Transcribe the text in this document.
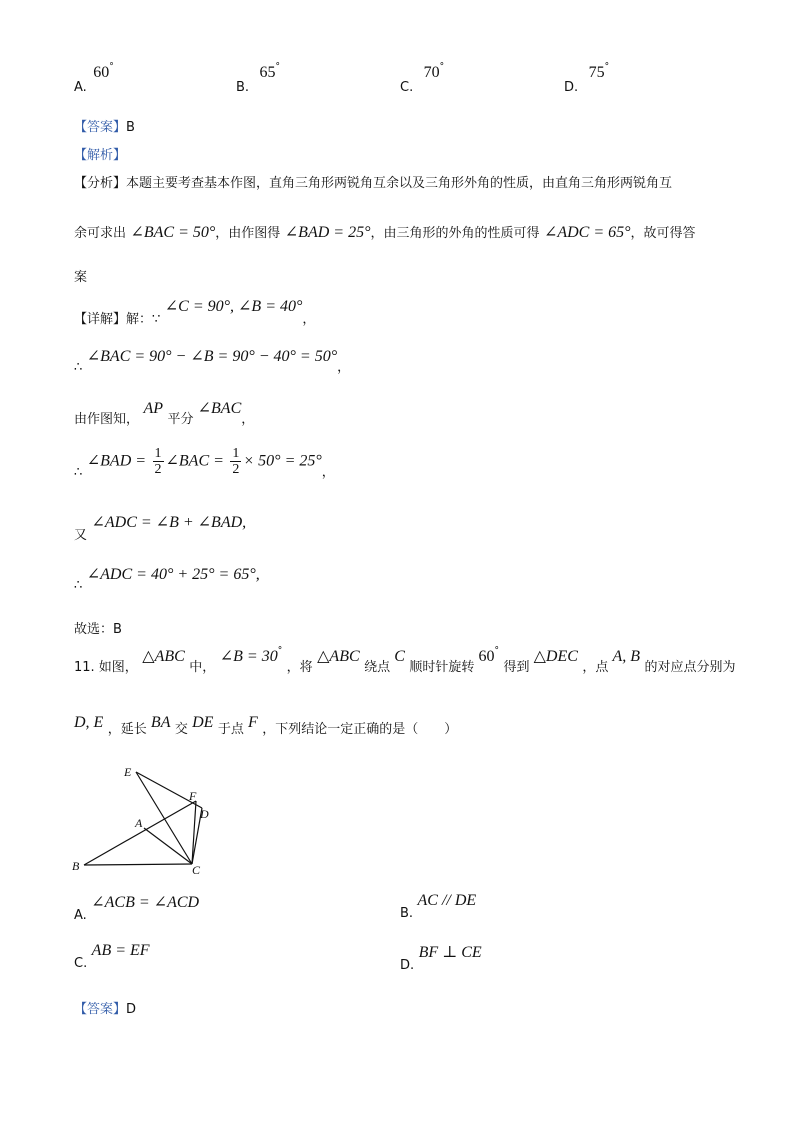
A. 60°
B. 65°
C. 70°
D. 75°
【答案】B
【解析】
【分析】本题主要考查基本作图，直角三角形两锐角互余以及三角形外角的性质，由直角三角形两锐角互
余可求出 ∠BAC = 50°，由作图得 ∠BAD = 25°，由三角形的外角的性质可得 ∠ADC = 65°，故可得答
案
【详解】解：∵ ∠C = 90°, ∠B = 40°，
∴ ∠BAC = 90° − ∠B = 90° − 40° = 50°，
由作图知， AP 平分 ∠BAC，
∴ ∠BAD = $\frac{1}{2}$ ∠BAC = $\frac{1}{2} \times 50^\circ = 25^\circ$，
又 ∠ADC = ∠B + ∠BAD,
∴ ∠ADC = 40° + 25° = 65°,
故选：B
11. 如图， △ABC 中， ∠B = 30° ，将 △ABC 绕点 C 顺时针旋转 60° 得到 △DEC ，点 A, B 的对应点分别为
D, E ，延长 BA 交 DE 于点 F ，下列结论一定正确的是（　　）
E
F
D
A
B	C
A. ∠ACB = ∠ACD
B. AC // DE
C. AB = EF
D. BF ⊥ CE
【答案】D
